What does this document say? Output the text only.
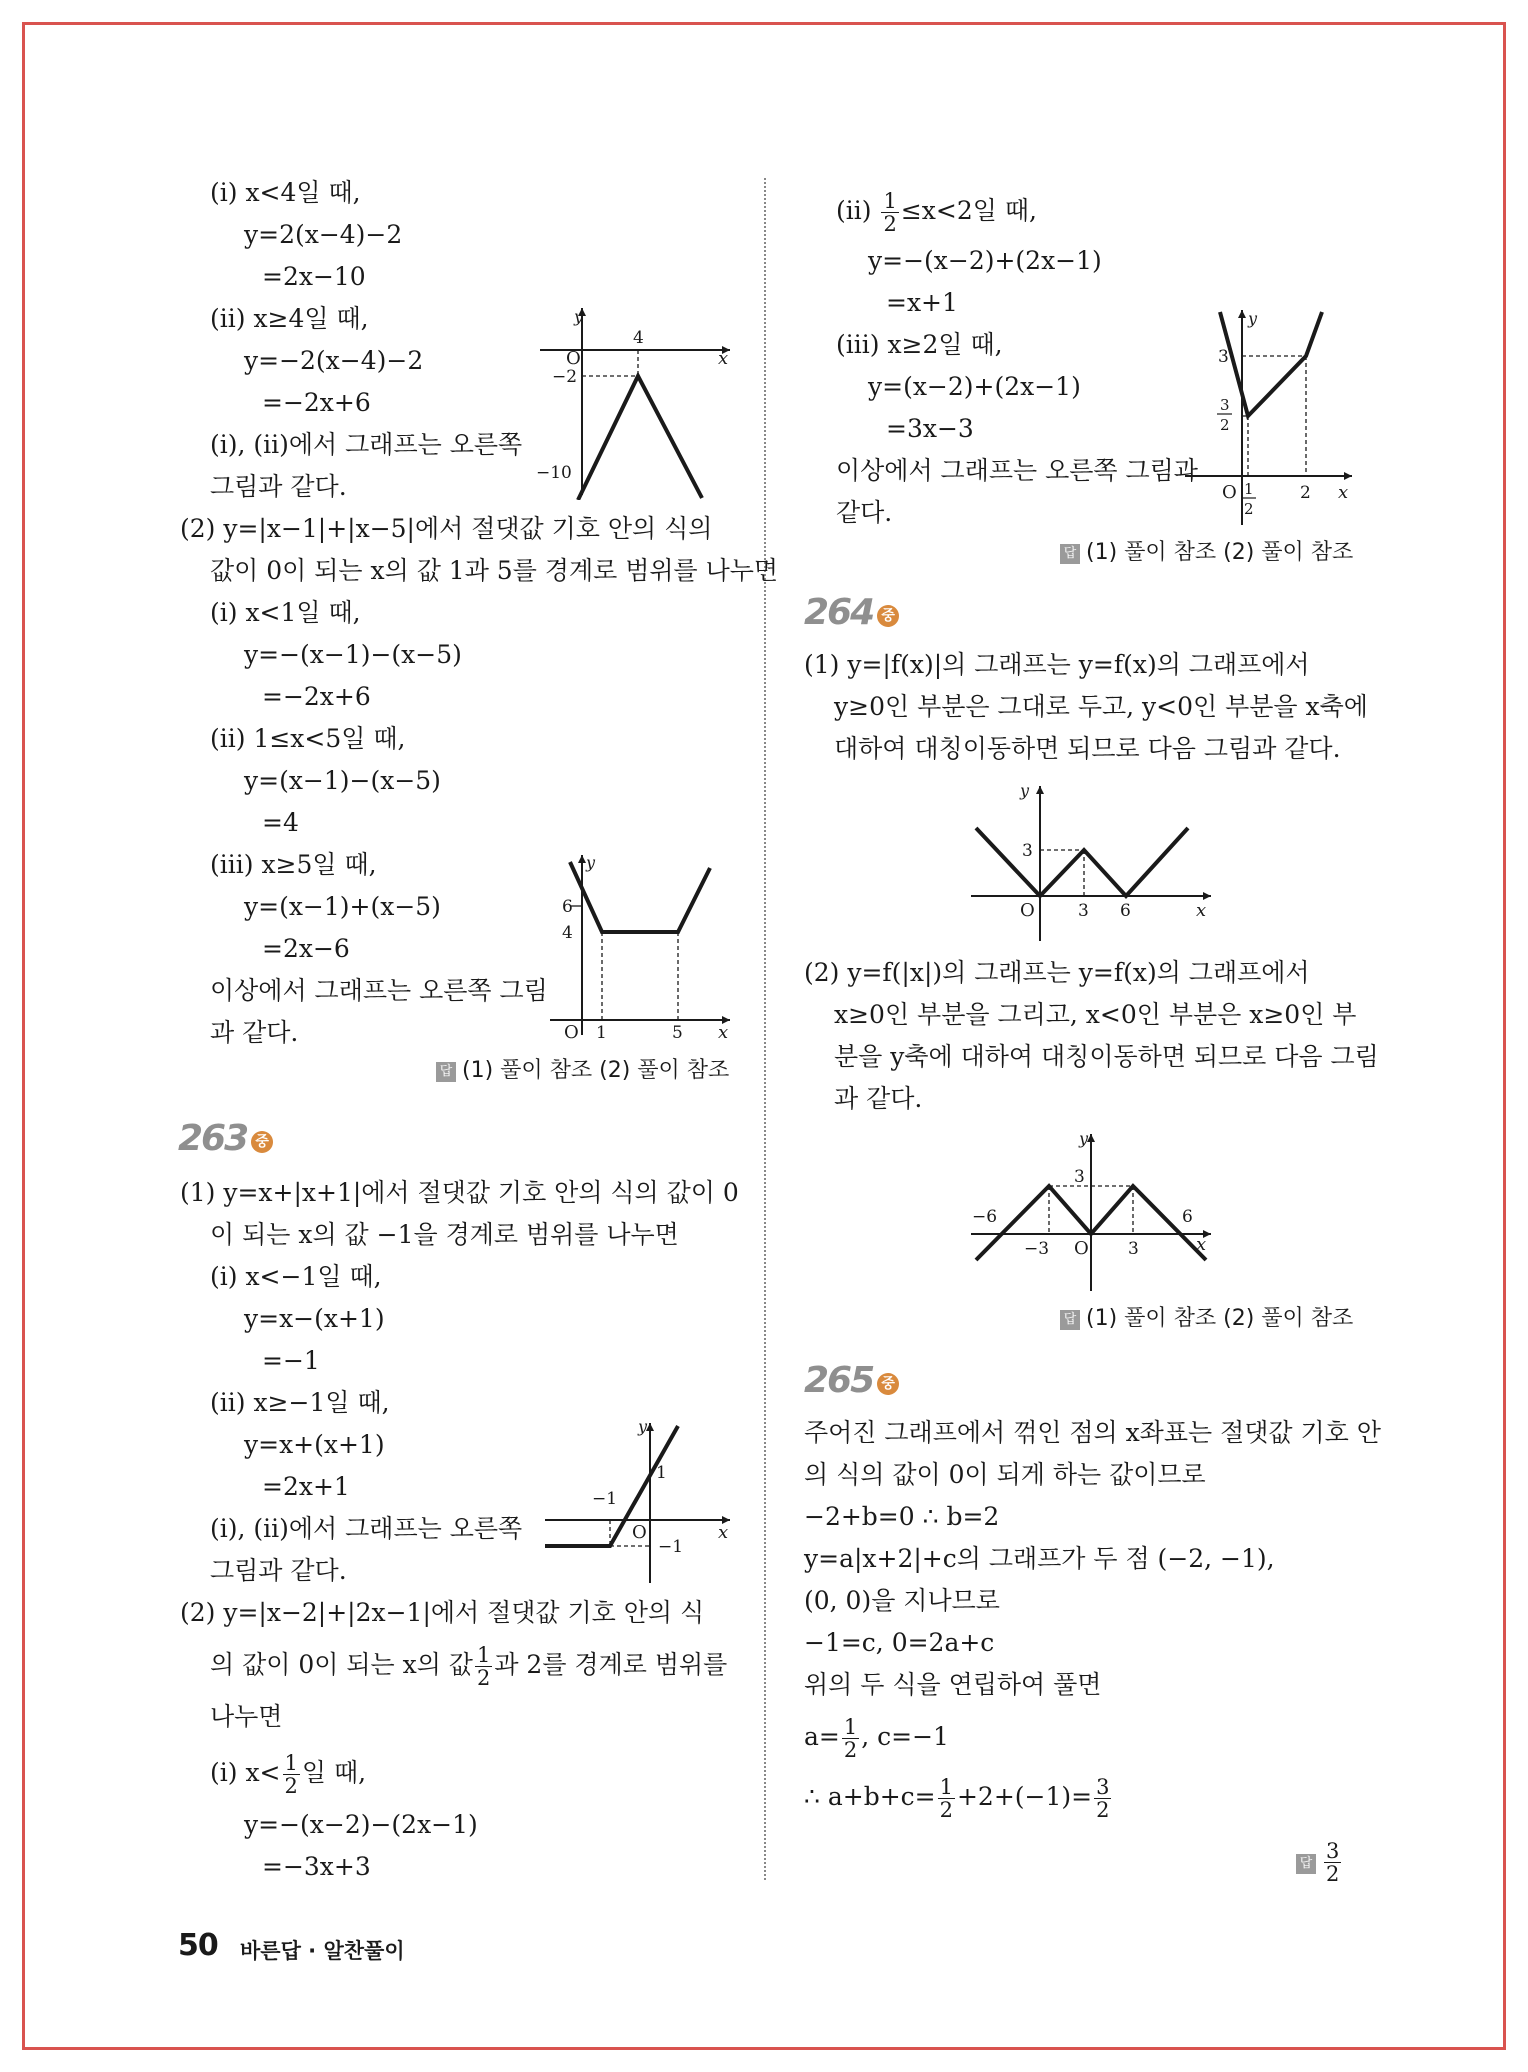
(ⅰ) x<4일 때,
y=2(x−4)−2
=2x−10
(ⅱ) x≥4일 때,
y=−2(x−4)−2
=−2x+6
(ⅰ), (ⅱ)에서 그래프는 오른쪽
그림과 같다.
(2) y=|x−1|+|x−5|에서 절댓값 기호 안의 식의
값이 0이 되는 x의 값 1과 5를 경계로 범위를 나누면
(ⅰ) x<1일 때,
y=−(x−1)−(x−5)
=−2x+6
(ⅱ) 1≤x<5일 때,
y=(x−1)−(x−5)
=4
(ⅲ) x≥5일 때,
y=(x−1)+(x−5)
=2x−6
이상에서 그래프는 오른쪽 그림
과 같다.
y
x
O
4
−2
−10
y
6
4
O 1	5 x
답 (1) 풀이 참조 (2) 풀이 참조
263 중
(1) y=x+|x+1|에서 절댓값 기호 안의 식의 값이 0
이 되는 x의 값 −1을 경계로 범위를 나누면
(ⅰ) x<−1일 때,
y=x−(x+1)
=−1
(ⅱ) x≥−1일 때,
y=x+(x+1)
=2x+1
(ⅰ), (ⅱ)에서 그래프는 오른쪽
그림과 같다.
(2) y=|x−2|+|2x−1|에서 절댓값 기호 안의 식
의 값이 0이 되는 x의 값 $\frac{1}{2}$ 과 2를 경계로 범위를
나누면
(ⅰ) $x< \frac{1}{2}$ 일 때,
y=−(x−2)−(2x−1)
=−3x+3
y
−1
1
O
−1
x
(ⅱ) $\frac{1}{2} \le x<2$일 때,
y=−(x−2)+(2x−1)
=x+1
(ⅲ) x≥2일 때,
y=(x−2)+(2x−1)
=3x−3
이상에서 그래프는 오른쪽 그림과
같다.
y
3
3
2
O 1
2
2 x
답 (1) 풀이 참조 (2) 풀이 참조
264 중
(1) y=|f(x)|의 그래프는 y=f(x)의 그래프에서
y≥0인 부분은 그대로 두고, y<0인 부분을 x축에
대하여 대칭이동하면 되므로 다음 그림과 같다.
y
3
O	3 6	x
(2) y=f(|x|)의 그래프는 y=f(x)의 그래프에서
x≥0인 부분을 그리고, x<0인 부분은 x≥0인 부
분을 y축에 대하여 대칭이동하면 되므로 다음 그림
과 같다.
y
3
−6
−3 O 3
6
x
답 (1) 풀이 참조 (2) 풀이 참조
265 중
주어진 그래프에서 꺾인 점의 x좌표는 절댓값 기호 안
의 식의 값이 0이 되게 하는 값이므로
−2+b=0 ∴ b=2
y=a|x+2|+c의 그래프가 두 점 (−2, −1),
(0, 0)을 지나므로
−1=c, 0=2a+c
위의 두 식을 연립하여 풀면
$a= \frac{1}{2}$ , c=−1
∴ $a+b+c= \frac{1}{2} +2+(-1)= \frac{3}{2}$
답 $\frac{3}{2}$
50 바른답 · 알찬풀이
